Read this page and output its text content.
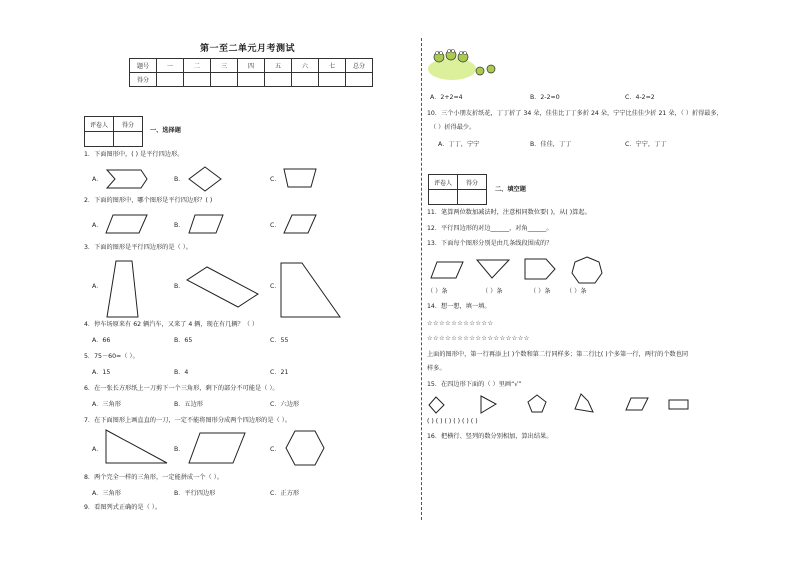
第一至二单元月考测试
题号	一	二	三	四	五	六	七	总分
得分								
评卷人	得分

一、选择题
1．下面图形中，( ) 是平行四边形。
A．	B．	C．
2．下面的图形中，哪个图形是平行四边形？( )
A．	B．	C．
3．下面的图形是平行四边形的是（ ）。
A．	B．	C．
4．停车场原来有 62 辆汽车，又来了 4 辆，现在有几辆？（ ）
A．66	B．65	C．55
5．75－60=（ ）。
A．15	B．4	C．21
6．在一张长方形纸上一刀剪下一个三角形，剩下的部分不可能是（ ）。
A．三角形	B．五边形	C．六边形
7．在下面图形上画直直的一刀，一定不能将图形分成两个四边形的是（ ）。
A．	B．	C．
8．两个完全一样的三角形，一定能拼成一个（ ）。
A．三角形	B．平行四边形	C．正方形
9．看图列式正确的是（ ）。
A．2+2=4	B．2-2=0	C．4-2=2
10．三个小朋友折纸花，丁丁折了 34 朵，佳佳比丁丁多折 24 朵，宁宁比佳佳少折 21 朵，（ ）折得最多，
（ ）折得最少。
A．丁丁，宁宁	B．佳佳，丁丁	C．宁宁，丁丁
评卷人	得分

二、填空题
11．笔算两位数加减法时，注意相同数位要( )，从( )算起。
12．平行四边形的对边______，对角______。
13．下面每个图形分别是由几条线段围成的？
（ ）条	（ ）条	（ ）条 （ ）条
14．想一想，填一填。
☆☆☆☆☆☆☆☆☆☆☆
☆☆☆☆☆☆☆☆☆☆☆☆☆☆☆☆☆
上面的图形中，第一行再添上( )个数和第二行同样多；第二行比( )个多第一行，两行的个数也同
样多。
15．在四边形下面的（ ）里画“√”
( ) ( ) ( ) ( ) ( ) ( )
16．把横行、竖列的数分别相加，算出结果。
